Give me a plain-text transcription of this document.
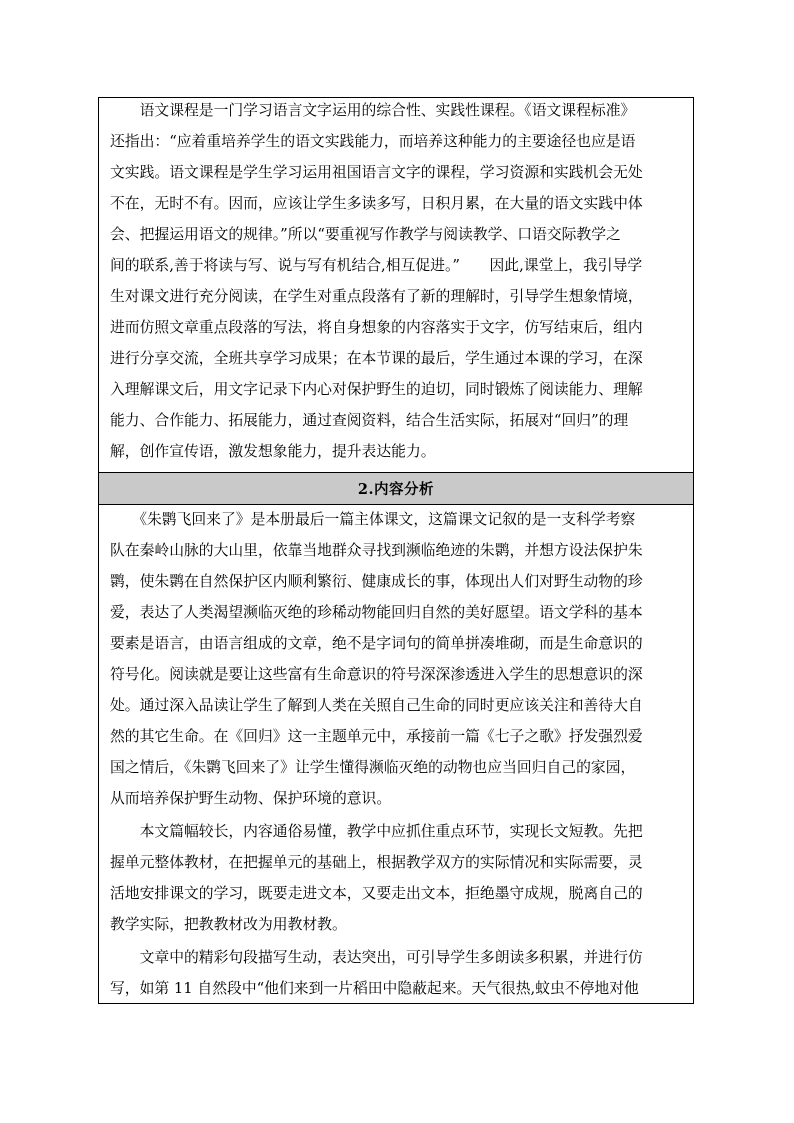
　　语文课程是一门学习语言文字运用的综合性、实践性课程。《语文课程标准》
还指出：“应着重培养学生的语文实践能力，而培养这种能力的主要途径也应是语
文实践。语文课程是学生学习运用祖国语言文字的课程，学习资源和实践机会无处
不在，无时不有。因而，应该让学生多读多写，日积月累，在大量的语文实践中体
会、把握运用语文的规律。”所以“要重视写作教学与阅读教学、口语交际教学之
间的联系,善于将读与写、说与写有机结合,相互促进。”　　因此,课堂上，我引导学
生对课文进行充分阅读，在学生对重点段落有了新的理解时，引导学生想象情境，
进而仿照文章重点段落的写法，将自身想象的内容落实于文字，仿写结束后，组内
进行分享交流，全班共享学习成果；在本节课的最后，学生通过本课的学习，在深
入理解课文后，用文字记录下内心对保护野生的迫切，同时锻炼了阅读能力、理解
能力、合作能力、拓展能力，通过查阅资料，结合生活实际，拓展对“回归”的理
解，创作宣传语，激发想象能力，提升表达能力。
2.内容分析
　　《朱鹮飞回来了》是本册最后一篇主体课文，这篇课文记叙的是一支科学考察
队在秦岭山脉的大山里，依靠当地群众寻找到濒临绝迹的朱鹮，并想方设法保护朱
鹮，使朱鹮在自然保护区内顺利繁衍、健康成长的事，体现出人们对野生动物的珍
爱，表达了人类渴望濒临灭绝的珍稀动物能回归自然的美好愿望。语文学科的基本
要素是语言，由语言组成的文章，绝不是字词句的简单拼凑堆砌，而是生命意识的
符号化。阅读就是要让这些富有生命意识的符号深深渗透进入学生的思想意识的深
处。通过深入品读让学生了解到人类在关照自己生命的同时更应该关注和善待大自
然的其它生命。在《回归》这一主题单元中，承接前一篇《七子之歌》抒发强烈爱
国之情后，《朱鹮飞回来了》让学生懂得濒临灭绝的动物也应当回归自己的家园，
从而培养保护野生动物、保护环境的意识。
　　本文篇幅较长，内容通俗易懂，教学中应抓住重点环节，实现长文短教。先把
握单元整体教材，在把握单元的基础上，根据教学双方的实际情况和实际需要，灵
活地安排课文的学习，既要走进文本，又要走出文本，拒绝墨守成规，脱离自己的
教学实际，把教教材改为用教材教。
　　文章中的精彩句段描写生动，表达突出，可引导学生多朗读多积累，并进行仿
写，如第 11 自然段中“他们来到一片稻田中隐蔽起来。天气很热,蚊虫不停地对他
